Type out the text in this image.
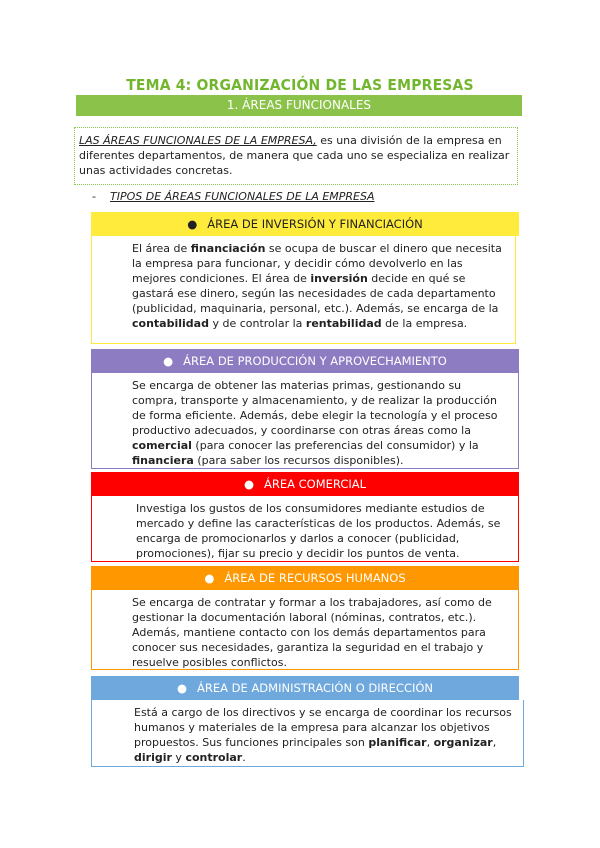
TEMA 4: ORGANIZACIÓN DE LAS EMPRESAS
1. ÁREAS FUNCIONALES
LAS ÁREAS FUNCIONALES DE LA EMPRESA, es una división de la empresa en diferentes departamentos, de manera que cada uno se especializa en realizar unas actividades concretas.
- TIPOS DE ÁREAS FUNCIONALES DE LA EMPRESA
● ÁREA DE INVERSIÓN Y FINANCIACIÓN
El área de financiación se ocupa de buscar el dinero que necesita la empresa para funcionar, y decidir cómo devolverlo en las mejores condiciones. El área de inversión decide en qué se gastará ese dinero, según las necesidades de cada departamento (publicidad, maquinaria, personal, etc.). Además, se encarga de la contabilidad y de controlar la rentabilidad de la empresa.
● ÁREA DE PRODUCCIÓN Y APROVECHAMIENTO
Se encarga de obtener las materias primas, gestionando su compra, transporte y almacenamiento, y de realizar la producción de forma eficiente. Además, debe elegir la tecnología y el proceso productivo adecuados, y coordinarse con otras áreas como la comercial (para conocer las preferencias del consumidor) y la financiera (para saber los recursos disponibles).
● ÁREA COMERCIAL
Investiga los gustos de los consumidores mediante estudios de mercado y define las características de los productos. Además, se encarga de promocionarlos y darlos a conocer (publicidad, promociones), fijar su precio y decidir los puntos de venta.
● ÁREA DE RECURSOS HUMANOS
Se encarga de contratar y formar a los trabajadores, así como de gestionar la documentación laboral (nóminas, contratos, etc.). Además, mantiene contacto con los demás departamentos para conocer sus necesidades, garantiza la seguridad en el trabajo y resuelve posibles conflictos.
● ÁREA DE ADMINISTRACIÓN O DIRECCIÓN
Está a cargo de los directivos y se encarga de coordinar los recursos humanos y materiales de la empresa para alcanzar los objetivos propuestos. Sus funciones principales son planificar, organizar, dirigir y controlar.
